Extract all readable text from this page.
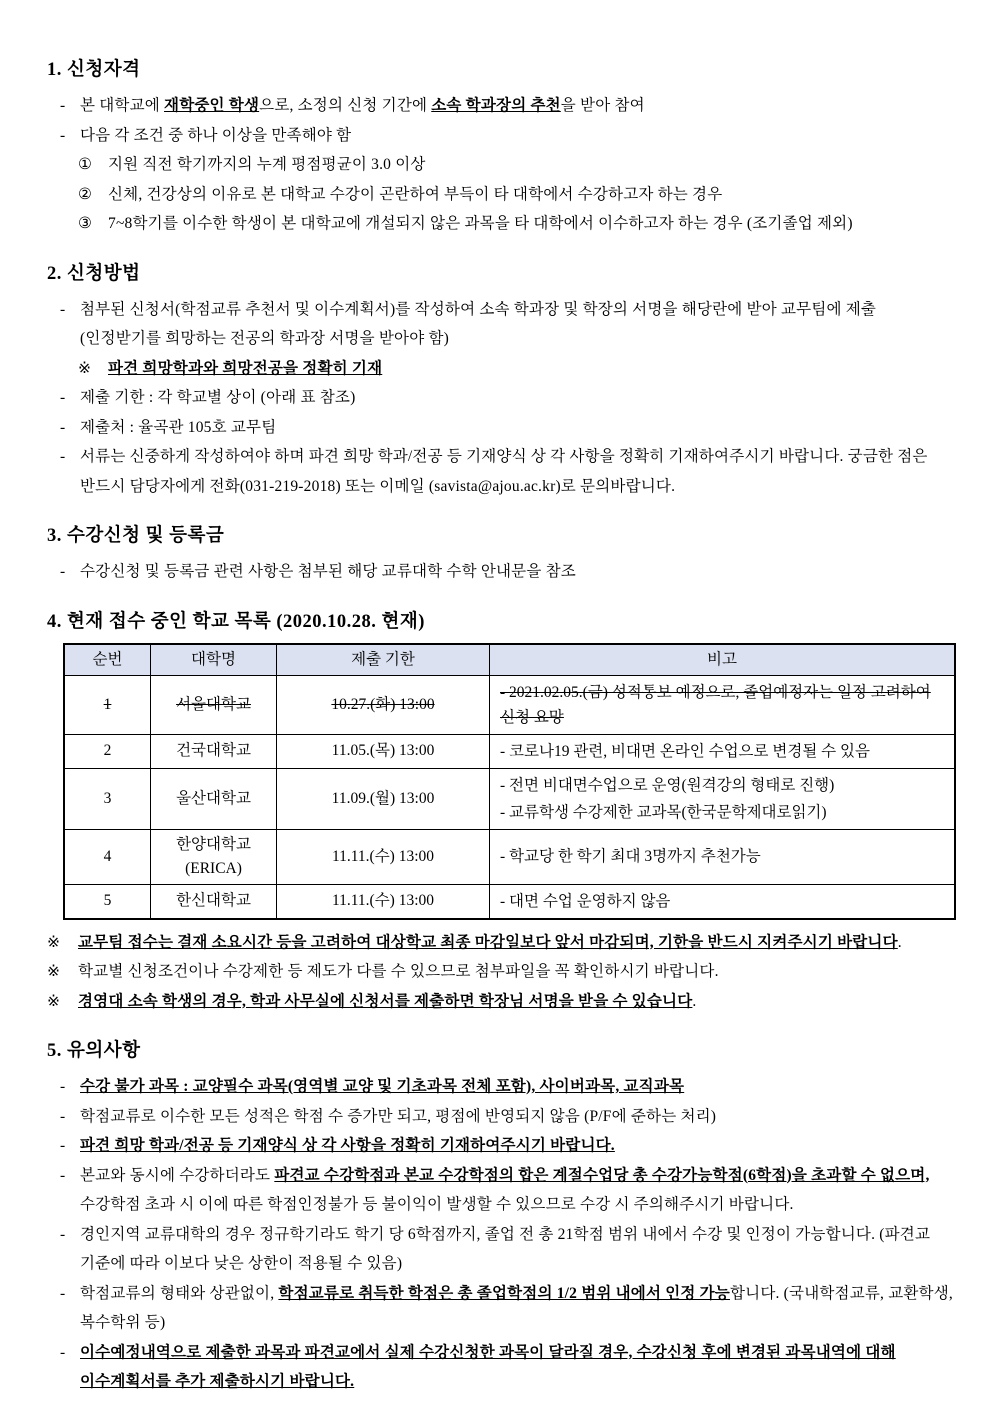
1. 신청자격
- 본 대학교에 재학중인 학생으로, 소정의 신청 기간에 소속 학과장의 추천을 받아 참여
- 다음 각 조건 중 하나 이상을 만족해야 함
① 지원 직전 학기까지의 누계 평점평균이 3.0 이상
② 신체, 건강상의 이유로 본 대학교 수강이 곤란하여 부득이 타 대학에서 수강하고자 하는 경우
③ 7~8학기를 이수한 학생이 본 대학교에 개설되지 않은 과목을 타 대학에서 이수하고자 하는 경우 (조기졸업 제외)
2. 신청방법
- 첨부된 신청서(학점교류 추천서 및 이수계획서)를 작성하여 소속 학과장 및 학장의 서명을 해당란에 받아 교무팀에 제출 (인정받기를 희망하는 전공의 학과장 서명을 받아야 함)
※ 파견 희망학과와 희망전공을 정확히 기재
- 제출 기한 : 각 학교별 상이 (아래 표 참조)
- 제출처 : 율곡관 105호 교무팀
- 서류는 신중하게 작성하여야 하며 파견 희망 학과/전공 등 기재양식 상 각 사항을 정확히 기재하여주시기 바랍니다. 궁금한 점은 반드시 담당자에게 전화(031-219-2018) 또는 이메일 (savista@ajou.ac.kr)로 문의바랍니다.
3. 수강신청 및 등록금
- 수강신청 및 등록금 관련 사항은 첨부된 해당 교류대학 수학 안내문을 참조
4. 현재 접수 중인 학교 목록 (2020.10.28. 현재)
순번	대학명	제출 기한	비고
1	서울대학교	10.27.(화) 13:00	- 2021.02.05.(금) 성적통보 예정으로, 졸업예정자는 일정 고려하여 신청 요망

2	건국대학교	11.05.(목) 13:00	- 코로나19 관련, 비대면 온라인 수업으로 변경될 수 있음

3	울산대학교	11.09.(월) 13:00	- 전면 비대면수업으로 운영(원격강의 형태로 진행)
- 교류학생 수강제한 교과목(한국문학제대로읽기)

4	한양대학교 (ERICA)	11.11.(수) 13:00	- 학교당 한 학기 최대 3명까지 추천가능

5	한신대학교	11.11.(수) 13:00	- 대면 수업 운영하지 않음
※ 교무팀 접수는 결재 소요시간 등을 고려하여 대상학교 최종 마감일보다 앞서 마감되며, 기한을 반드시 지켜주시기 바랍니다.
※ 학교별 신청조건이나 수강제한 등 제도가 다를 수 있으므로 첨부파일을 꼭 확인하시기 바랍니다.
※ 경영대 소속 학생의 경우, 학과 사무실에 신청서를 제출하면 학장님 서명을 받을 수 있습니다.
5. 유의사항
- 수강 불가 과목 : 교양필수 과목(영역별 교양 및 기초과목 전체 포함), 사이버과목, 교직과목
- 학점교류로 이수한 모든 성적은 학점 수 증가만 되고, 평점에 반영되지 않음 (P/F에 준하는 처리)
- 파견 희망 학과/전공 등 기재양식 상 각 사항을 정확히 기재하여주시기 바랍니다.
- 본교와 동시에 수강하더라도 파견교 수강학점과 본교 수강학점의 합은 계절수업당 총 수강가능학점(6학점)을 초과할 수 없으며, 수강학점 초과 시 이에 따른 학점인정불가 등 불이익이 발생할 수 있으므로 수강 시 주의해주시기 바랍니다.
- 경인지역 교류대학의 경우 정규학기라도 학기 당 6학점까지, 졸업 전 총 21학점 범위 내에서 수강 및 인정이 가능합니다. (파견교 기준에 따라 이보다 낮은 상한이 적용될 수 있음)
- 학점교류의 형태와 상관없이, 학점교류로 취득한 학점은 총 졸업학점의 1/2 범위 내에서 인정 가능합니다. (국내학점교류, 교환학생, 복수학위 등)
- 이수예정내역으로 제출한 과목과 파견교에서 실제 수강신청한 과목이 달라질 경우, 수강신청 후에 변경된 과목내역에 대해 이수계획서를 추가 제출하시기 바랍니다.
